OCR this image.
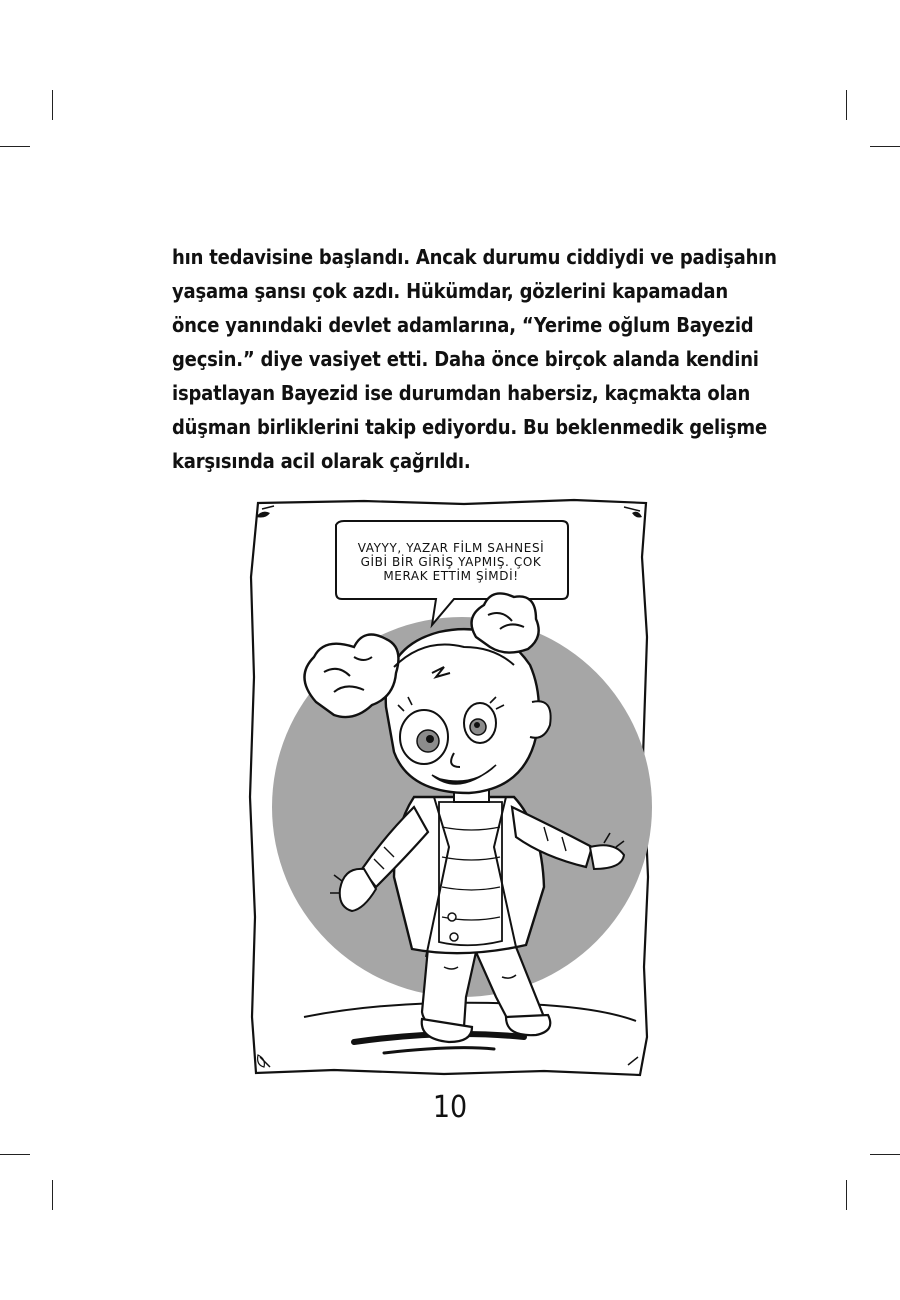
hın tedavisine başlandı. Ancak durumu ciddiydi ve padişahın
yaşama şansı çok azdı. Hükümdar, gözlerini kapamadan
önce yanındaki devlet adamlarına, “Yerime oğlum Bayezid
geçsin.” diye vasiyet etti. Daha önce birçok alanda kendini
ispatlayan Bayezid ise durumdan habersiz, kaçmakta olan
düşman birliklerini takip ediyordu. Bu beklenmedik gelişme
karşısında acil olarak çağrıldı.
VAYYY, YAZAR FİLM SAHNESİ
GİBİ BİR GİRİŞ YAPMIŞ. ÇOK
MERAK ETTİM ŞİMDİ!
10
